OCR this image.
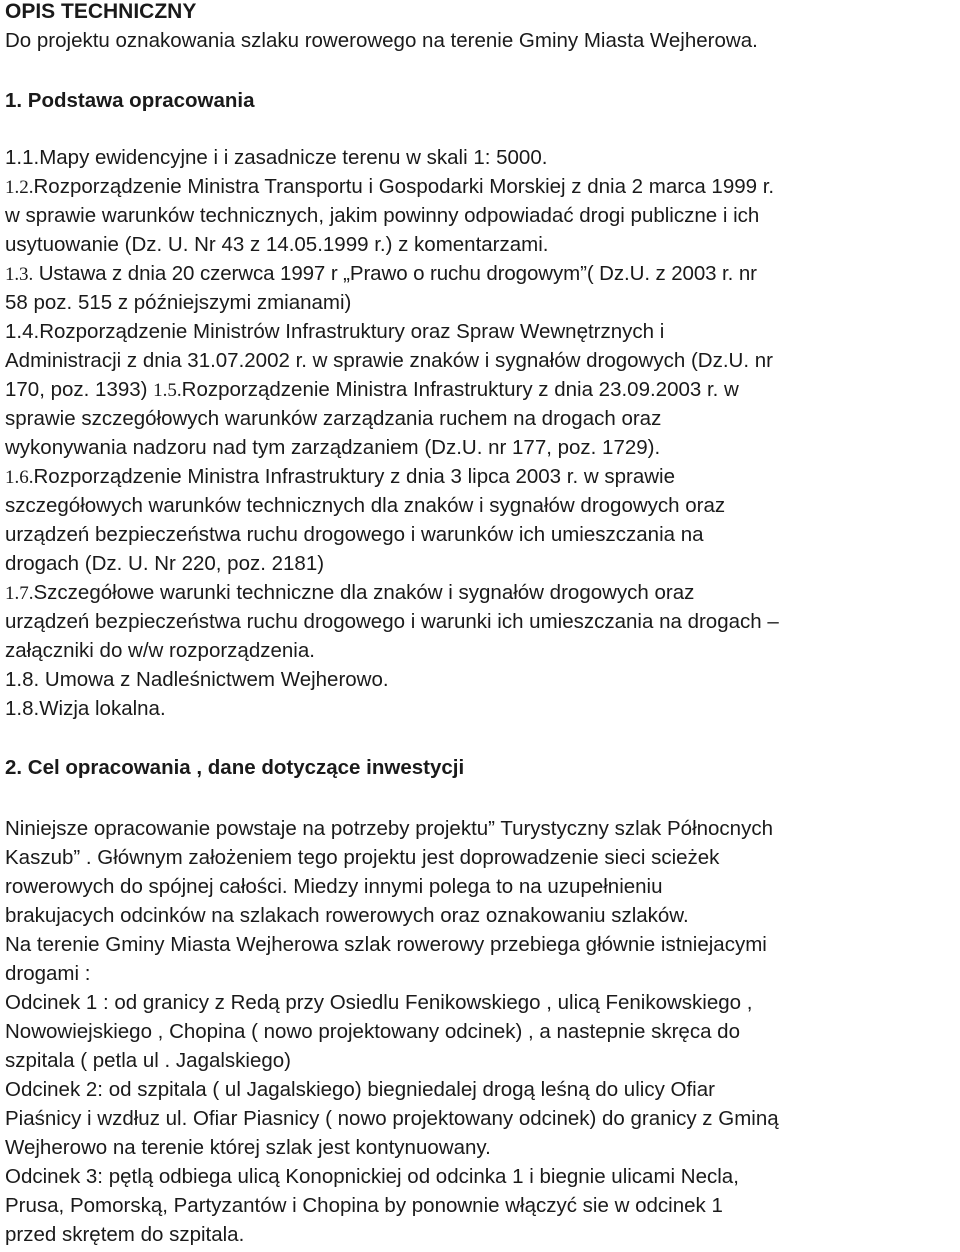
OPIS TECHNICZNY
Do projektu oznakowania szlaku rowerowego na terenie Gminy Miasta Wejherowa.
1. Podstawa opracowania
1.1.Mapy ewidencyjne i i zasadnicze terenu w skali 1: 5000.
1.2.Rozporządzenie Ministra Transportu i Gospodarki Morskiej z dnia 2 marca 1999 r.
w sprawie warunków technicznych, jakim powinny odpowiadać drogi publiczne i ich
usytuowanie (Dz. U. Nr 43 z 14.05.1999 r.) z komentarzami.
1.3. Ustawa z dnia 20 czerwca 1997 r „Prawo o ruchu drogowym”( Dz.U. z 2003 r. nr
58 poz. 515 z późniejszymi zmianami)
1.4.Rozporządzenie Ministrów Infrastruktury oraz Spraw Wewnętrznych i
Administracji z dnia 31.07.2002 r. w sprawie znaków i sygnałów drogowych (Dz.U. nr
170, poz. 1393) 1.5.Rozporządzenie Ministra Infrastruktury z dnia 23.09.2003 r. w
sprawie szczegółowych warunków zarządzania ruchem na drogach oraz
wykonywania nadzoru nad tym zarządzaniem (Dz.U. nr 177, poz. 1729).
1.6.Rozporządzenie Ministra Infrastruktury z dnia 3 lipca 2003 r. w sprawie
szczegółowych warunków technicznych dla znaków i sygnałów drogowych oraz
urządzeń bezpieczeństwa ruchu drogowego i warunków ich umieszczania na
drogach (Dz. U. Nr 220, poz. 2181)
1.7.Szczegółowe warunki techniczne dla znaków i sygnałów drogowych oraz
urządzeń bezpieczeństwa ruchu drogowego i warunki ich umieszczania na drogach –
załączniki do w/w rozporządzenia.
1.8. Umowa z Nadleśnictwem Wejherowo.
1.8.Wizja lokalna.
2. Cel opracowania , dane dotyczące inwestycji
Niniejsze opracowanie powstaje na potrzeby projektu” Turystyczny szlak Północnych
Kaszub” . Głównym założeniem tego projektu jest doprowadzenie sieci scieżek
rowerowych do spójnej całości. Miedzy innymi polega to na uzupełnieniu
brakujacych odcinków na szlakach rowerowych oraz oznakowaniu szlaków.
Na terenie Gminy Miasta Wejherowa szlak rowerowy przebiega głównie istniejacymi
drogami :
Odcinek 1 : od granicy z Redą przy Osiedlu Fenikowskiego , ulicą Fenikowskiego ,
Nowowiejskiego , Chopina ( nowo projektowany odcinek) , a nastepnie skręca do
szpitala ( petla ul . Jagalskiego)
Odcinek 2: od szpitala ( ul Jagalskiego) biegniedalej drogą leśną do ulicy Ofiar
Piaśnicy i wzdłuz ul. Ofiar Piasnicy ( nowo projektowany odcinek) do granicy z Gminą
Wejherowo na terenie której szlak jest kontynuowany.
Odcinek 3: pętlą odbiega ulicą Konopnickiej od odcinka 1 i biegnie ulicami Necla,
Prusa, Pomorską, Partyzantów i Chopina by ponownie włączyć sie w odcinek 1
przed skrętem do szpitala.
